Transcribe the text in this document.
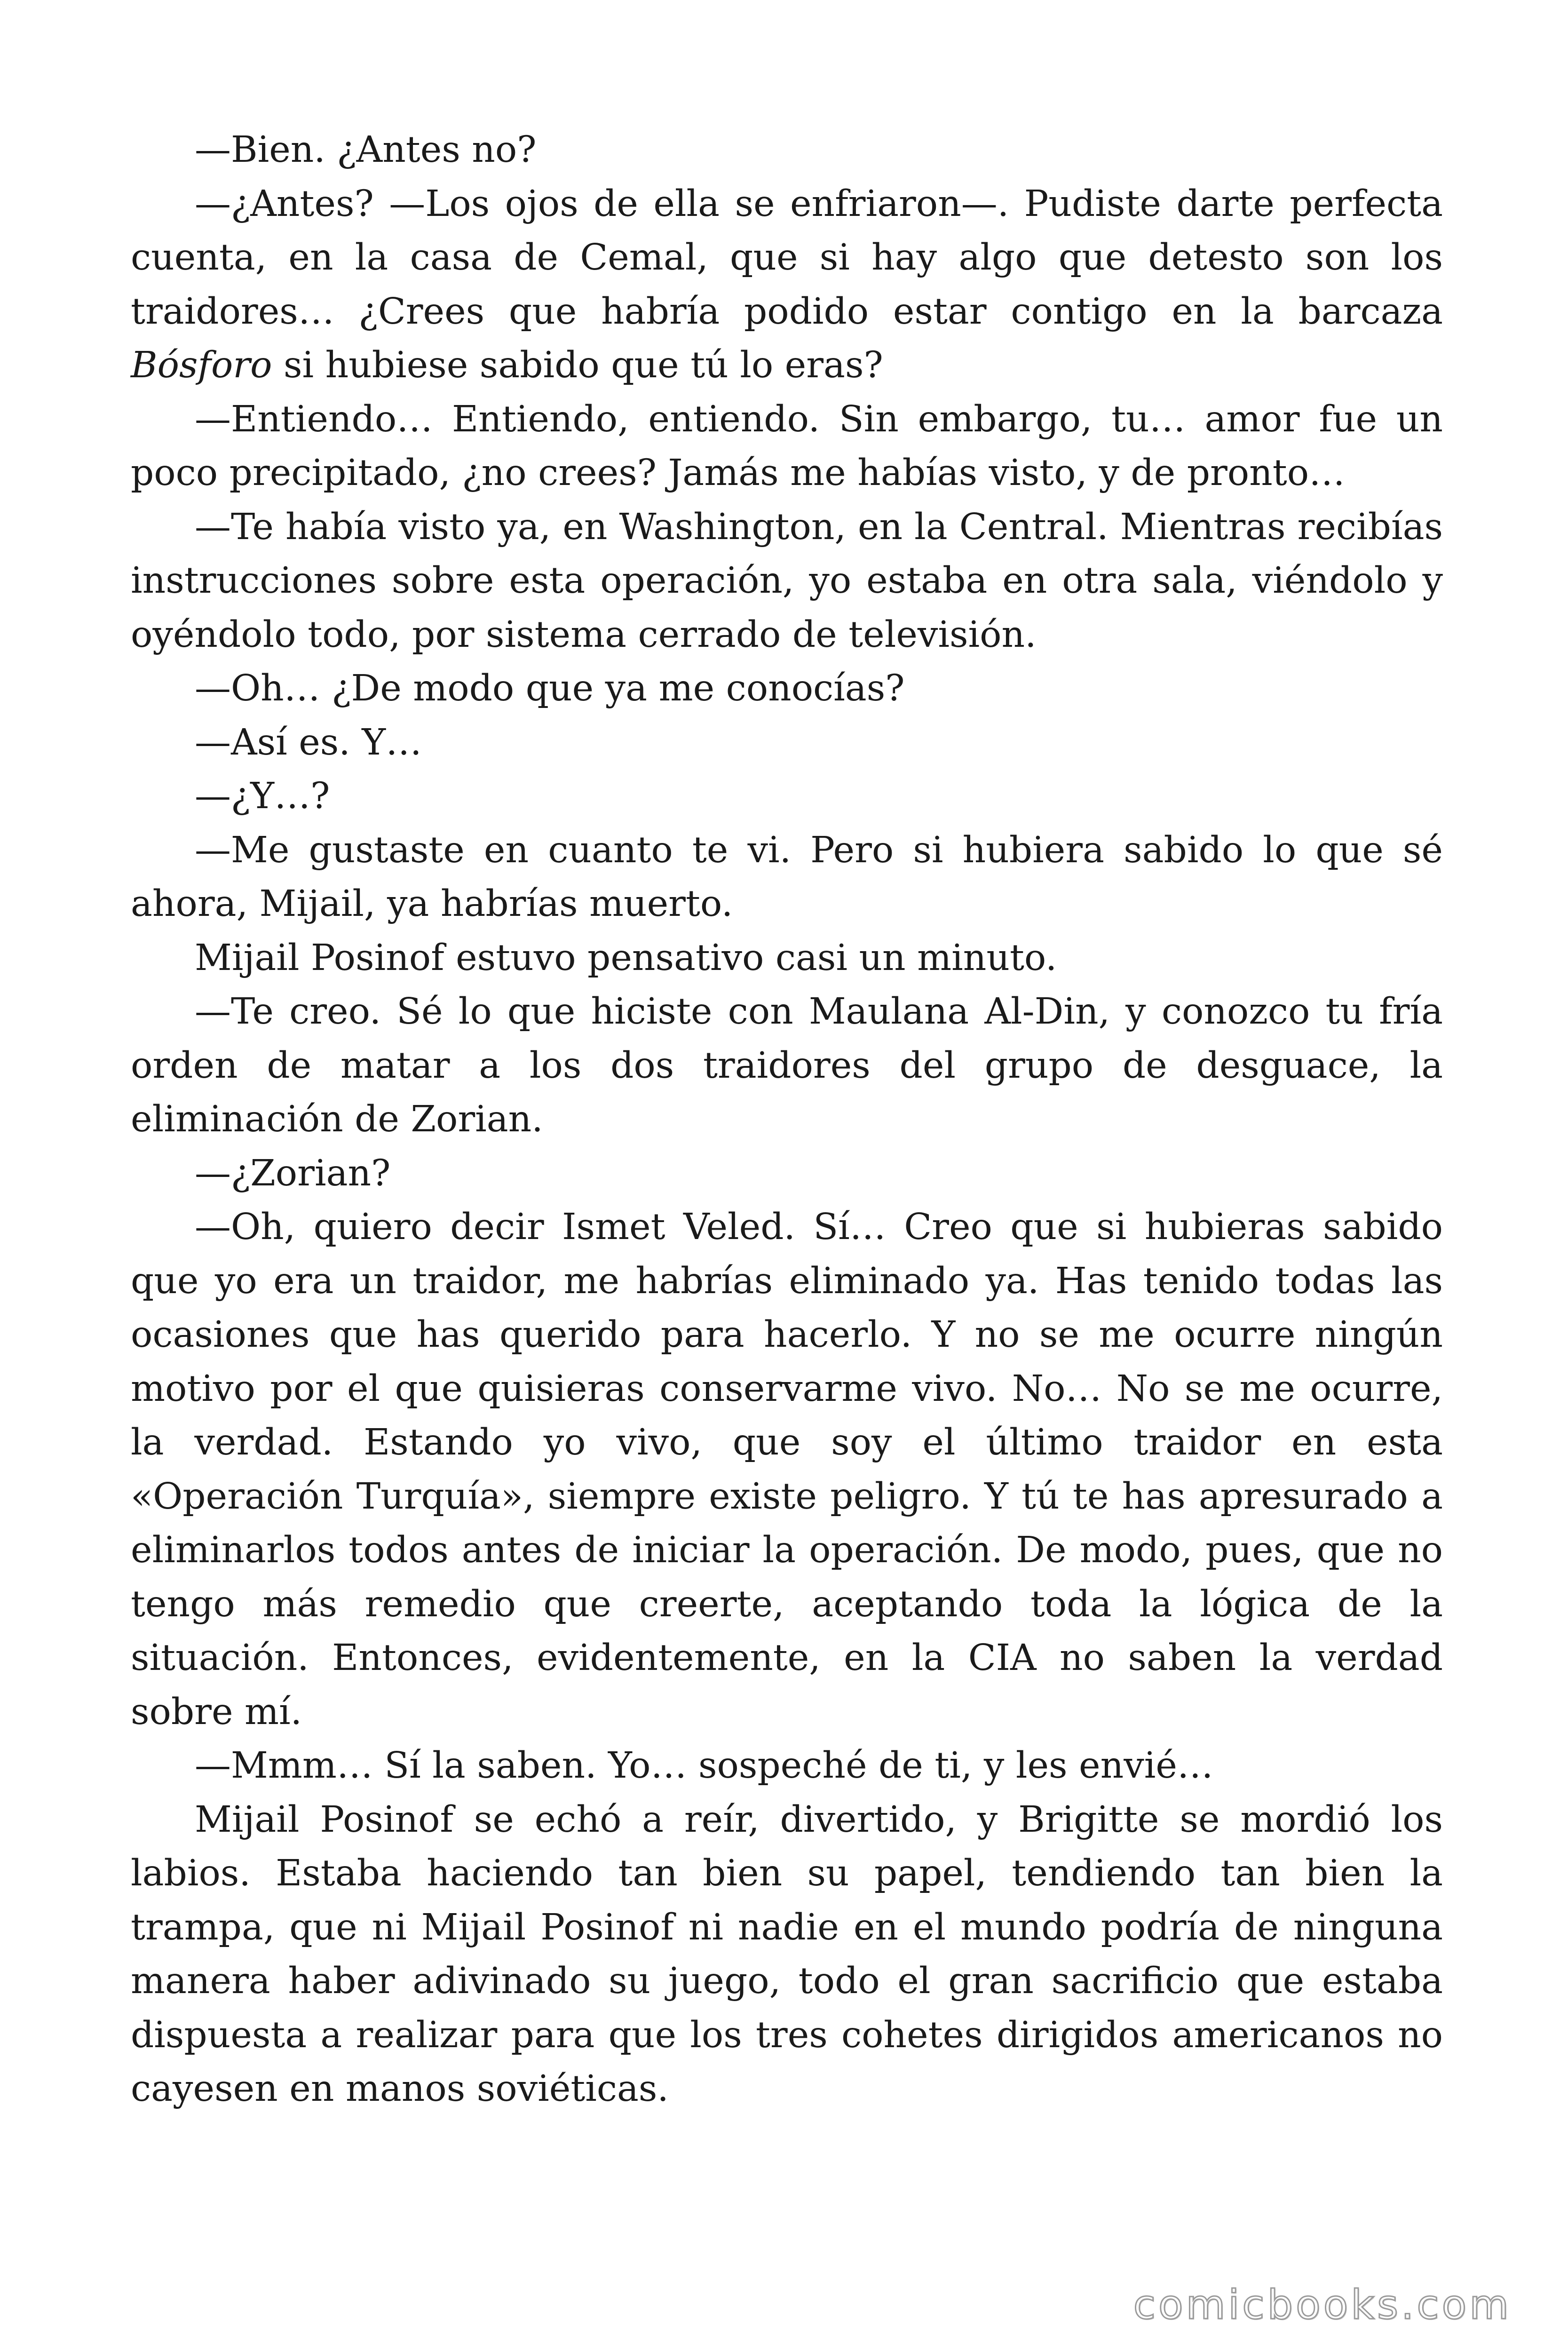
—Bien. ¿Antes no?

—¿Antes? —Los ojos de ella se enfriaron—. Pudiste darte perfecta cuenta, en la casa de Cemal, que si hay algo que detesto son los traidores… ¿Crees que habría podido estar contigo en la barcaza Bósforo si hubiese sabido que tú lo eras?

—Entiendo… Entiendo, entiendo. Sin embargo, tu… amor fue un poco precipitado, ¿no crees? Jamás me habías visto, y de pronto…

—Te había visto ya, en Washington, en la Central. Mientras recibías instrucciones sobre esta operación, yo estaba en otra sala, viéndolo y oyéndolo todo, por sistema cerrado de televisión.

—Oh… ¿De modo que ya me conocías?

—Así es. Y…

—¿Y…?

—Me gustaste en cuanto te vi. Pero si hubiera sabido lo que sé ahora, Mijail, ya habrías muerto.

Mijail Posinof estuvo pensativo casi un minuto.

—Te creo. Sé lo que hiciste con Maulana Al-Din, y conozco tu fría orden de matar a los dos traidores del grupo de desguace, la eliminación de Zorian.

—¿Zorian?

—Oh, quiero decir Ismet Veled. Sí… Creo que si hubieras sabido que yo era un traidor, me habrías eliminado ya. Has tenido todas las ocasiones que has querido para hacerlo. Y no se me ocurre ningún motivo por el que quisieras conservarme vivo. No… No se me ocurre, la verdad. Estando yo vivo, que soy el último traidor en esta «Operación Turquía», siempre existe peligro. Y tú te has apresurado a eliminarlos todos antes de iniciar la operación. De modo, pues, que no tengo más remedio que creerte, aceptando toda la lógica de la situación. Entonces, evidentemente, en la CIA no saben la verdad sobre mí.

—Mmm… Sí la saben. Yo… sospeché de ti, y les envié…

Mijail Posinof se echó a reír, divertido, y Brigitte se mordió los labios. Estaba haciendo tan bien su papel, tendiendo tan bien la trampa, que ni Mijail Posinof ni nadie en el mundo podría de ninguna manera haber adivinado su juego, todo el gran sacrificio que estaba dispuesta a realizar para que los tres cohetes dirigidos americanos no cayesen en manos soviéticas.

comicbooks.com
